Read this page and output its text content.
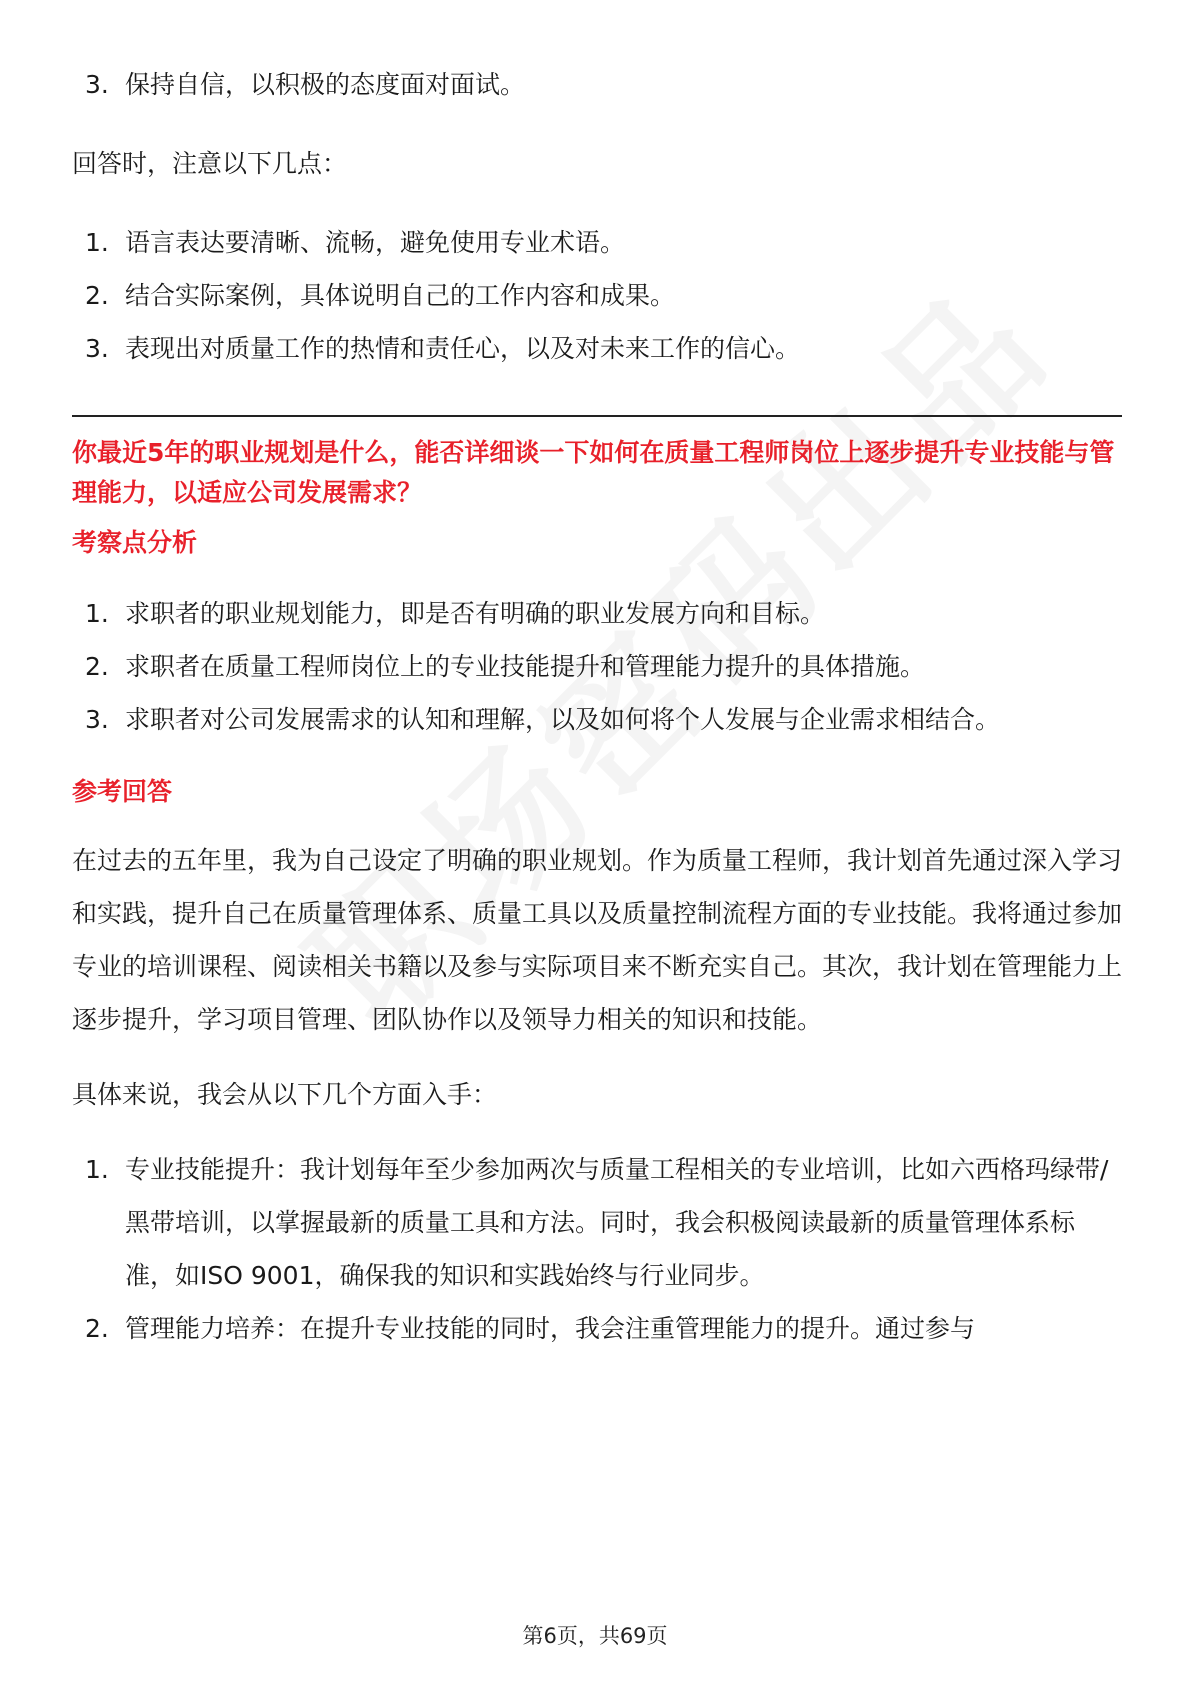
3. 保持自信，以积极的态度面对面试。

回答时，注意以下几点：

1. 语言表达要清晰、流畅，避免使用专业术语。
2. 结合实际案例，具体说明自己的工作内容和成果。
3. 表现出对质量工作的热情和责任心，以及对未来工作的信心。

你最近5年的职业规划是什么，能否详细谈一下如何在质量工程师岗位上逐步提升专业技能与管理能力，以适应公司发展需求？

考察点分析

1. 求职者的职业规划能力，即是否有明确的职业发展方向和目标。
2. 求职者在质量工程师岗位上的专业技能提升和管理能力提升的具体措施。
3. 求职者对公司发展需求的认知和理解，以及如何将个人发展与企业需求相结合。

参考回答

在过去的五年里，我为自己设定了明确的职业规划。作为质量工程师，我计划首先通过深入学习和实践，提升自己在质量管理体系、质量工具以及质量控制流程方面的专业技能。我将通过参加专业的培训课程、阅读相关书籍以及参与实际项目来不断充实自己。其次，我计划在管理能力上逐步提升，学习项目管理、团队协作以及领导力相关的知识和技能。

具体来说，我会从以下几个方面入手：

1. 专业技能提升：我计划每年至少参加两次与质量工程相关的专业培训，比如六西格玛绿带/黑带培训，以掌握最新的质量工具和方法。同时，我会积极阅读最新的质量管理体系标准，如ISO 9001，确保我的知识和实践始终与行业同步。
2. 管理能力培养：在提升专业技能的同时，我会注重管理能力的提升。通过参与
第6页，共69页
